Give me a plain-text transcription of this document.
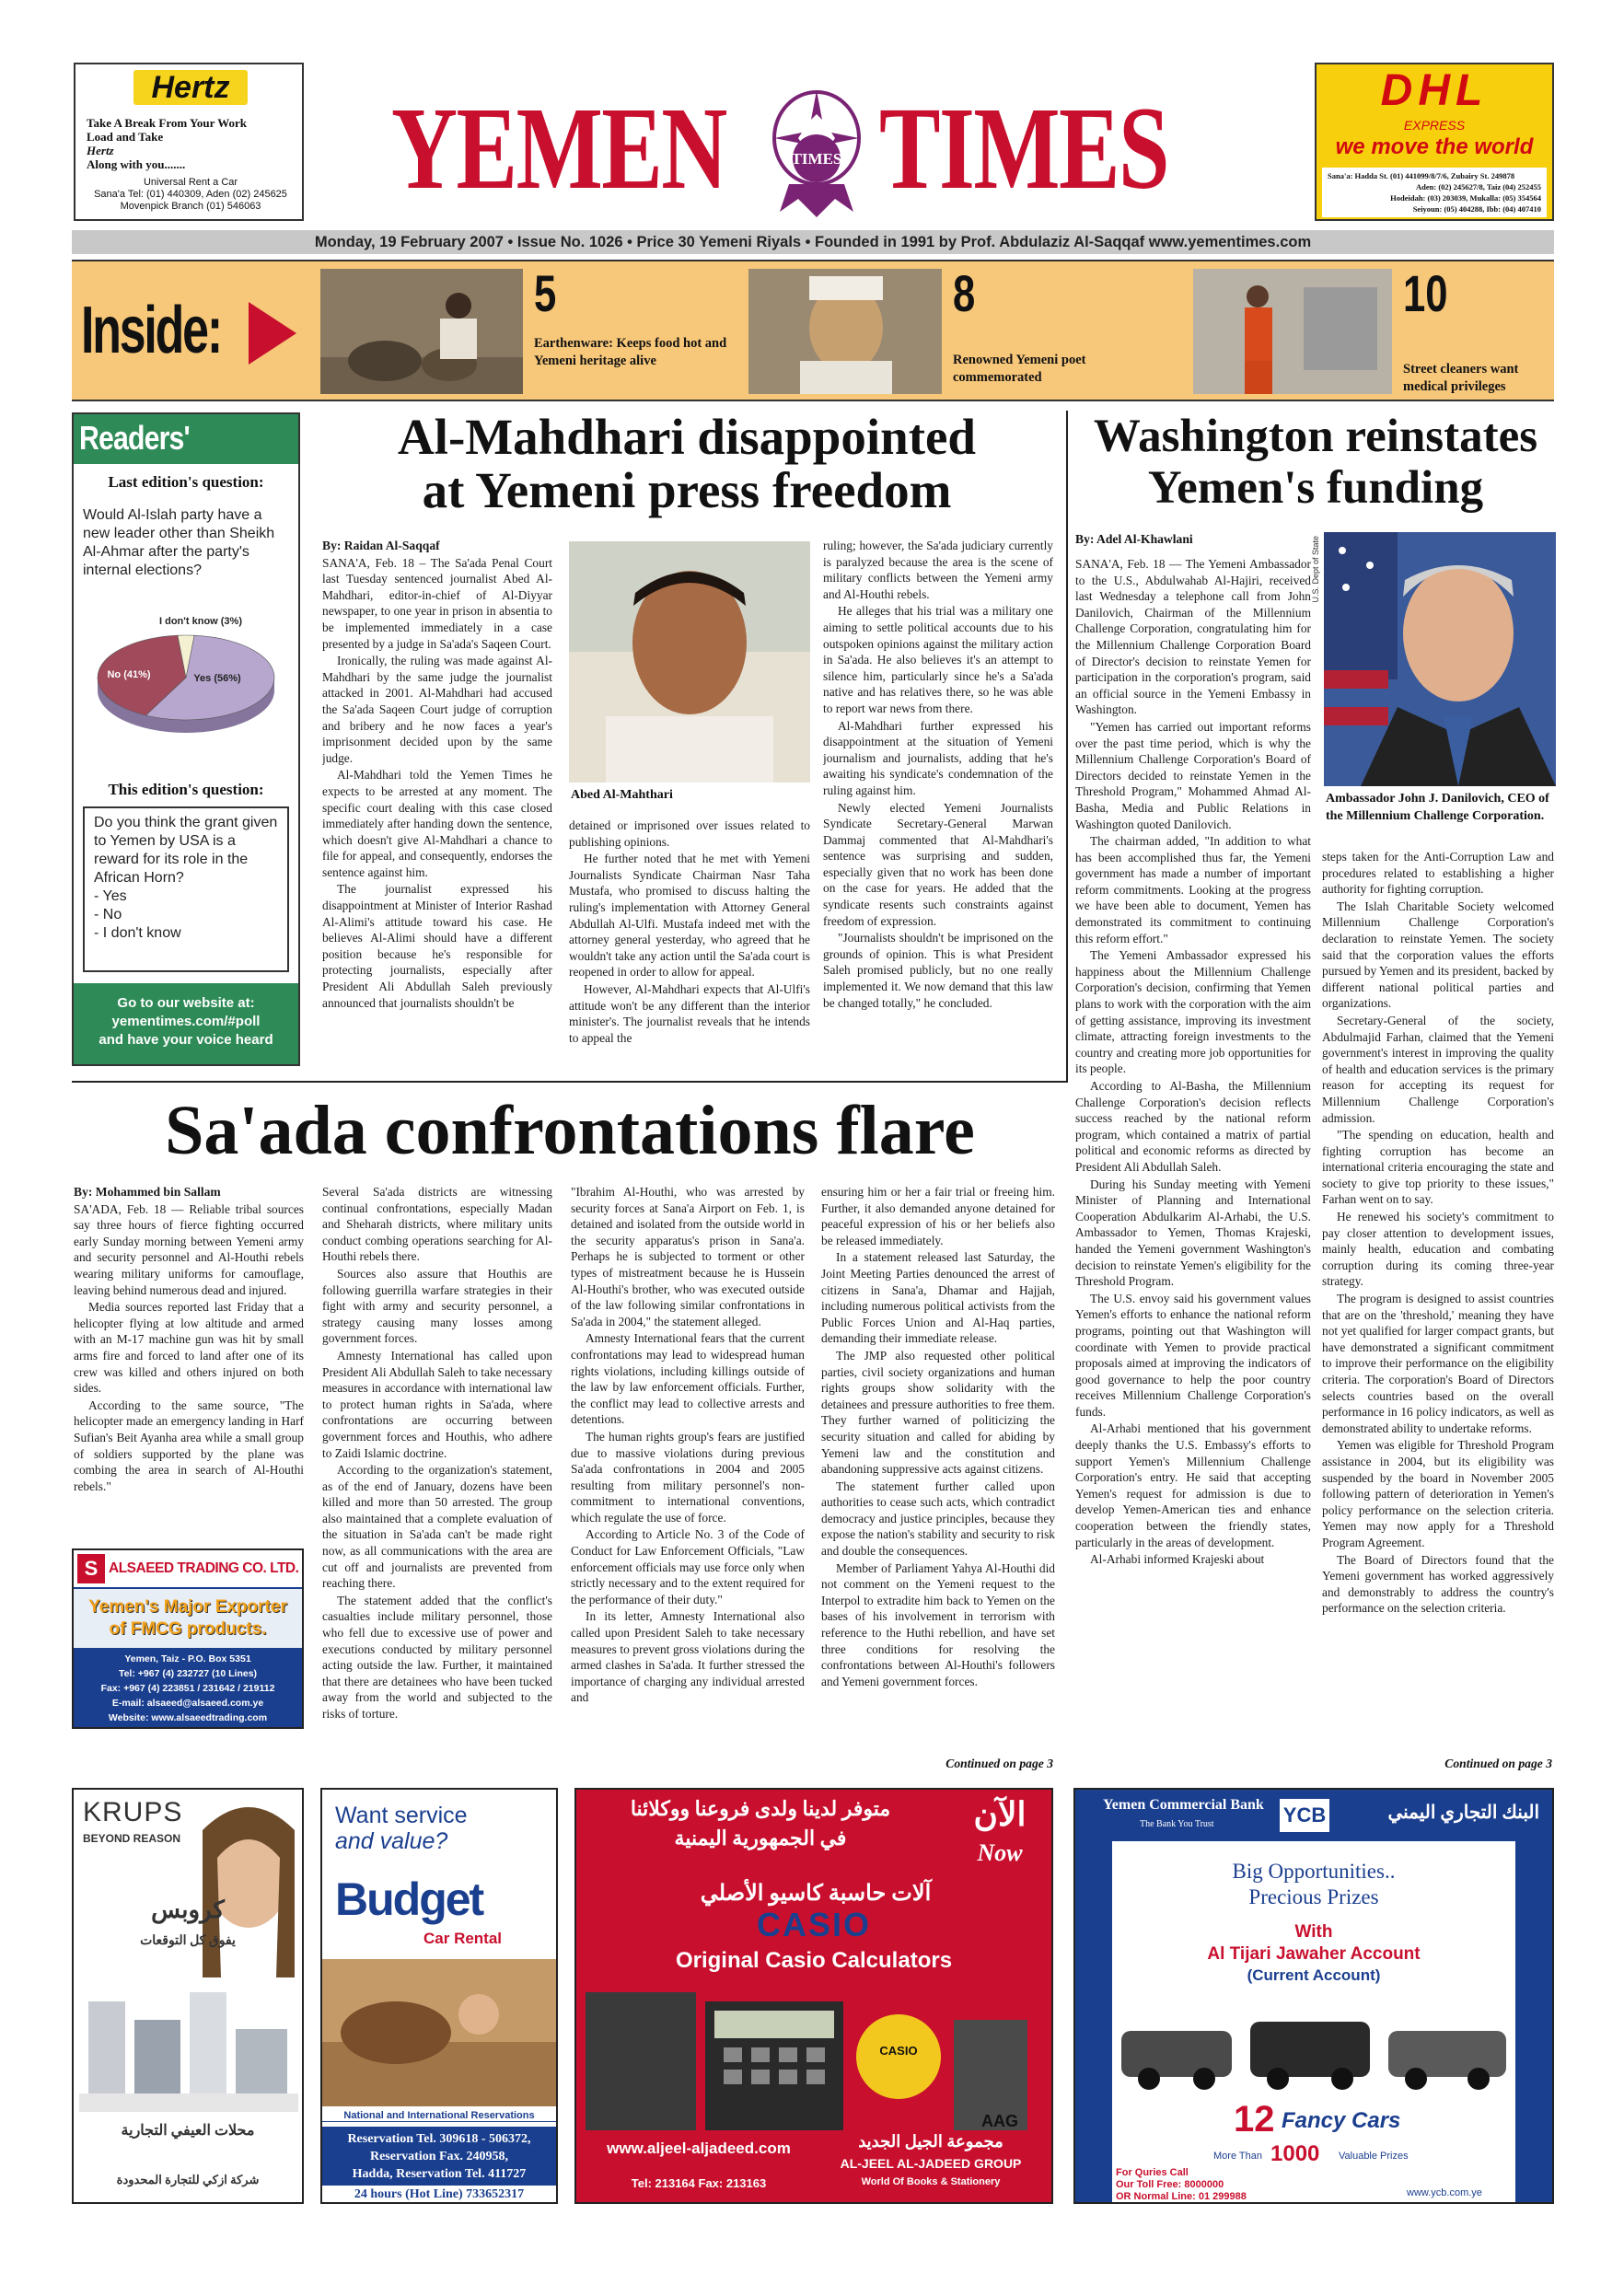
Hertz
Take A Break From Your Work
Load and Take
Hertz
Along with you.......
Universal Rent a Car
Sana'a Tel: (01) 440309, Aden (02) 245625
Movenpick Branch (01) 546063 YEMEN TIMES
TIMES
DHL
EXPRESS
we move the world
Sana'a: Hadda St. (01) 441099/8/7/6, Zubairy St. 249878
Aden: (02) 245627/8, Taiz (04) 252455
Hodeidah: (03) 203039, Mukalla: (05) 354564
Seiyoun: (05) 404288, Ibb: (04) 407410
Monday, 19 February 2007 • Issue No. 1026 • Price 30 Yemeni Riyals • Founded in 1991 by Prof. Abdulaziz Al-Saqqaf www.yementimes.com
Inside:
5
Earthenware: Keeps food hot and Yemeni heritage alive
8
Renowned Yemeni poet commemorated
10
Street cleaners want medical privileges
Readers' Voice
Last edition's question:
Would Al-Islah party have a new leader other than Sheikh Al-Ahmar after the party's internal elections?
Yes (56%)
No (41%)
I don't know (3%)
This edition's question:
Do you think the grant given to Yemen by USA is a reward for its role in the African Horn?
- Yes
- No
- I don't know
Go to our website at:
yementimes.com/#poll
and have your voice heard
Al-Mahdhari disappointed
at Yemeni press freedom

By: Raidan Al-Saqqaf

SANA'A, Feb. 18 – The Sa'ada Penal Court last Tuesday sentenced journalist Abed Al-Mahdhari, editor-in-chief of Al-Diyyar newspaper, to one year in prison in absentia to be implemented immediately in a case presented by a judge in Sa'ada's Saqeen Court.

Ironically, the ruling was made against Al-Mahdhari by the same judge the journalist attacked in 2001. Al-Mahdhari had accused the Sa'ada Saqeen Court judge of corruption and bribery and he now faces a year's imprisonment decided upon by the same judge.

Al-Mahdhari told the Yemen Times he expects to be arrested at any moment. The specific court dealing with this case closed immediately after handing down the sentence, which doesn't give Al-Mahdhari a chance to file for appeal, and consequently, endorses the sentence against him.

The journalist expressed his disappointment at Minister of Interior Rashad Al-Alimi's attitude toward his case. He believes Al-Alimi should have a different position because he's responsible for protecting journalists, especially after President Ali Abdullah Saleh previously announced that journalists shouldn't be

Abed Al-Mahthari

detained or imprisoned over issues related to publishing opinions.

He further noted that he met with Yemeni Journalists Syndicate Chairman Nasr Taha Mustafa, who promised to discuss halting the ruling's implementation with Attorney General Abdullah Al-Ulfi. Mustafa indeed met with the attorney general yesterday, who agreed that he wouldn't take any action until the Sa'ada court is reopened in order to allow for appeal.

However, Al-Mahdhari expects that Al-Ulfi's attitude won't be any different than the interior minister's. The journalist reveals that he intends to appeal the

ruling; however, the Sa'ada judiciary currently is paralyzed because the area is the scene of military conflicts between the Yemeni army and Al-Houthi rebels.

He alleges that his trial was a military one aiming to settle political accounts due to his outspoken opinions against the military action in Sa'ada. He also believes it's an attempt to silence him, particularly since he's a Sa'ada native and has relatives there, so he was able to report war news from there.

Al-Mahdhari further expressed his disappointment at the situation of Yemeni journalism and journalists, adding that he's awaiting his syndicate's condemnation of the ruling against him.

Newly elected Yemeni Journalists Syndicate Secretary-General Marwan Dammaj commented that Al-Mahdhari's sentence was surprising and sudden, especially given that no work has been done on the case for years. He added that the syndicate resents such constraints against freedom of expression.

"Journalists shouldn't be imprisoned on the grounds of opinion. This is what President Saleh promised publicly, but no one really implemented it. We now demand that this law be changed totally," he concluded.

Washington reinstates
Yemen's funding
By: Adel Al-Khawlani	U.S. Dept of State
Ambassador John J. Danilovich, CEO of the Millennium Challenge Corporation.

SANA'A, Feb. 18 — The Yemeni Ambassador to the U.S., Abdulwahab Al-Hajiri, received last Wednesday a telephone call from John Danilovich, Chairman of the Millennium Challenge Corporation, congratulating him for the Millennium Challenge Corporation Board of Director's decision to reinstate Yemen for participation in the corporation's program, said an official source in the Yemeni Embassy in Washington.

"Yemen has carried out important reforms over the past time period, which is why the Millennium Challenge Corporation's Board of Directors decided to reinstate Yemen in the Threshold Program," Mohammed Ahmad Al-Basha, Media and Public Relations in Washington quoted Danilovich.

The chairman added, "In addition to what has been accomplished thus far, the Yemeni government has made a number of important reform commitments. Looking at the progress we have been able to document, Yemen has demonstrated its commitment to continuing this reform effort."

The Yemeni Ambassador expressed his happiness about the Millennium Challenge Corporation's decision, confirming that Yemen plans to work with the corporation with the aim of getting assistance, improving its investment climate, attracting foreign investments to the country and creating more job opportunities for its people.

According to Al-Basha, the Millennium Challenge Corporation's decision reflects success reached by the national reform program, which contained a matrix of partial political and economic reforms as directed by President Ali Abdullah Saleh.

During his Sunday meeting with Yemeni Minister of Planning and International Cooperation Abdulkarim Al-Arhabi, the U.S. Ambassador to Yemen, Thomas Krajeski, handed the Yemeni government Washington's decision to reinstate Yemen's eligibility for the Threshold Program.

The U.S. envoy said his government values Yemen's efforts to enhance the national reform programs, pointing out that Washington will coordinate with Yemen to provide practical proposals aimed at improving the indicators of good governance to help the poor country receives Millennium Challenge Corporation's funds.

Al-Arhabi mentioned that his government deeply thanks the U.S. Embassy's efforts to support Yemen's Millennium Challenge Corporation's entry. He said that accepting Yemen's request for admission is due to develop Yemen-American ties and enhance cooperation between the friendly states, particularly in the areas of development.

Al-Arhabi informed Krajeski about

steps taken for the Anti-Corruption Law and procedures related to establishing a higher authority for fighting corruption.

The Islah Charitable Society welcomed Millennium Challenge Corporation's declaration to reinstate Yemen. The society said that the corporation values the efforts pursued by Yemen and its president, backed by different national political parties and organizations.

Secretary-General of the society, Abdulmajid Farhan, claimed that the Yemeni government's interest in improving the quality of health and education services is the primary reason for accepting its request for Millennium Challenge Corporation's admission.

"The spending on education, health and fighting corruption has become an international criteria encouraging the state and society to give top priority to these issues," Farhan went on to say.

He renewed his society's commitment to pay closer attention to development issues, mainly health, education and combating corruption during its coming three-year strategy.

The program is designed to assist countries that are on the 'threshold,' meaning they have not yet qualified for larger compact grants, but have demonstrated a significant commitment to improve their performance on the eligibility criteria. The corporation's Board of Directors selects countries based on the overall performance in 16 policy indicators, as well as demonstrated ability to undertake reforms.

Yemen was eligible for Threshold Program assistance in 2004, but its eligibility was suspended by the board in November 2005 following pattern of deterioration in Yemen's policy performance on the selection criteria. Yemen may now apply for a Threshold Program Agreement.

The Board of Directors found that the Yemeni government has worked aggressively and demonstrably to address the country's performance on the selection criteria.

Continued on page 3
Sa'ada confrontations flare

By: Mohammed bin Sallam

SA'ADA, Feb. 18 — Reliable tribal sources say three hours of fierce fighting occurred early Sunday morning between Yemeni army and security personnel and Al-Houthi rebels wearing military uniforms for camouflage, leaving behind numerous dead and injured.

Media sources reported last Friday that a helicopter flying at low altitude and armed with an M-17 machine gun was hit by small arms fire and forced to land after one of its crew was killed and others injured on both sides.

According to the same source, "The helicopter made an emergency landing in Harf Sufian's Beit Ayanha area while a small group of soldiers supported by the plane was combing the area in search of Al-Houthi rebels."

Several Sa'ada districts are witnessing continual confrontations, especially Madan and Sheharah districts, where military units conduct combing operations searching for Al-Houthi rebels there.

Sources also assure that Houthis are following guerrilla warfare strategies in their fight with army and security personnel, a strategy causing many losses among government forces.

Amnesty International has called upon President Ali Abdullah Saleh to take necessary measures in accordance with international law to protect human rights in Sa'ada, where confrontations are occurring between government forces and Houthis, who adhere to Zaidi Islamic doctrine.

According to the organization's statement, as of the end of January, dozens have been killed and more than 50 arrested. The group also maintained that a complete evaluation of the situation in Sa'ada can't be made right now, as all communications with the area are cut off and journalists are prevented from reaching there.

The statement added that the conflict's casualties include military personnel, those who fell due to excessive use of power and executions conducted by military personnel acting outside the law. Further, it maintained that there are detainees who have been tucked away from the world and subjected to the risks of torture.

"Ibrahim Al-Houthi, who was arrested by security forces at Sana'a Airport on Feb. 1, is detained and isolated from the outside world in the security apparatus's prison in Sana'a. Perhaps he is subjected to torment or other types of mistreatment because he is Hussein Al-Houthi's brother, who was executed outside of the law following similar confrontations in Sa'ada in 2004," the statement alleged.

Amnesty International fears that the current confrontations may lead to widespread human rights violations, including killings outside of the law by law enforcement officials. Further, the conflict may lead to collective arrests and detentions.

The human rights group's fears are justified due to massive violations during previous Sa'ada confrontations in 2004 and 2005 resulting from military personnel's non-commitment to international conventions, which regulate the use of force.

According to Article No. 3 of the Code of Conduct for Law Enforcement Officials, "Law enforcement officials may use force only when strictly necessary and to the extent required for the performance of their duty."

In its letter, Amnesty International also called upon President Saleh to take necessary measures to prevent gross violations during the armed clashes in Sa'ada. It further stressed the importance of charging any individual arrested and

ensuring him or her a fair trial or freeing him. Further, it also demanded anyone detained for peaceful expression of his or her beliefs also be released immediately.

In a statement released last Saturday, the Joint Meeting Parties denounced the arrest of citizens in Sana'a, Dhamar and Hajjah, including numerous political activists from the Public Forces Union and Al-Haq parties, demanding their immediate release.

The JMP also requested other political parties, civil society organizations and human rights groups show solidarity with the detainees and pressure authorities to free them. They further warned of politicizing the security situation and called for abiding by Yemeni law and the constitution and abandoning suppressive acts against citizens.

The statement further called upon authorities to cease such acts, which contradict democracy and justice principles, because they expose the nation's stability and security to risk and double the consequences.

Member of Parliament Yahya Al-Houthi did not comment on the Yemeni request to the Interpol to extradite him back to Yemen on the bases of his involvement in terrorism with reference to the Huthi rebellion, and have set three conditions for resolving the confrontations between Al-Houthi's followers and Yemeni government forces.

Continued on page 3
S ALSAEED TRADING CO. LTD.
Yemen's Major Exporter
of FMCG products.
Yemen, Taiz - P.O. Box 5351
Tel: +967 (4) 232727 (10 Lines)
Fax: +967 (4) 223851 / 231642 / 219112
E-mail: alsaeed@alsaeed.com.ye
Website: www.alsaeedtrading.com
KRUPS
BEYOND REASON
كروبس
يفوق كل التوقعات
محلات العيفي التجارية
شركة ازكي للتجارة المحدودة
Want service
and value?
Budget
Car Rental
National and International Reservations
Reservation Tel. 309618 - 506372,
Reservation Fax. 240958,
Hadda, Reservation Tel. 411727
24 hours (Hot Line) 733652317
متوفر لدينا ولدى فروعنا ووكلائنا
في الجمهورية اليمنية
الآن
Now
آلات حاسبة كاسيو الأصلي
CASIO
Original Casio Calculators
CASIO
AAG
مجموعة الجيل الجديد
www.aljeel-aljadeed.com
AL-JEEL AL-JADEED GROUP
World Of Books & Stationery
Tel: 213164 Fax: 213163
Yemen Commercial Bank
The Bank You Trust	YCB	البنك التجاري اليمني
Big Opportunities..
Precious Prizes
With
Al Tijari Jawaher Account
(Current Account)
12 Fancy Cars
More Than 1000 Valuable Prizes
For Quries Call
Our Toll Free: 8000000
OR Normal Line: 01 299988	www.ycb.com.ye
